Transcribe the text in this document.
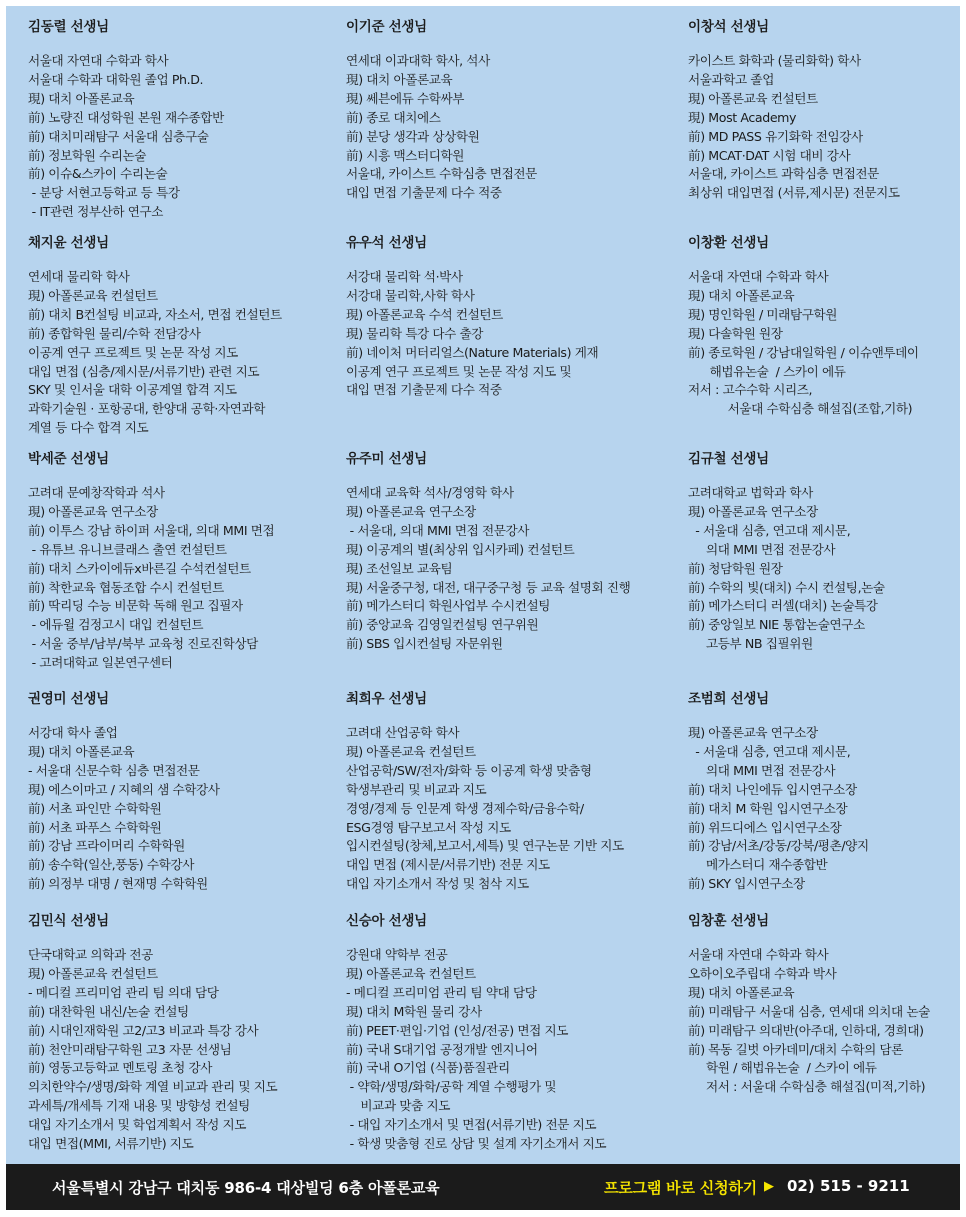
김동렬 선생님
서울대 자연대 수학과 학사
서울대 수학과 대학원 졸업 Ph.D.
現) 대치 아폴론교육
前) 노량진 대성학원 본원 재수종합반
前) 대치미래탐구 서울대 심층구술
前) 정보학원 수리논술
前) 이슈&스카이 수리논술
- 분당 서현고등학교 등 특강
- IT관련 정부산하 연구소
이기준 선생님
연세대 이과대학 학사, 석사
現) 대치 아폴론교육
現) 쎄븐에듀 수학싸부
前) 종로 대치에스
前) 분당 생각과 상상학원
前) 시흥 맥스터디학원
서울대, 카이스트 수학심층 면접전문
대입 면접 기출문제 다수 적중
이창석 선생님
카이스트 화학과 (물리화학) 학사
서울과학고 졸업
現) 아폴론교육 컨설턴트
現) Most Academy
前) MD PASS 유기화학 전임강사
前) MCAT·DAT 시험 대비 강사
서울대, 카이스트 과학심층 면접전문
최상위 대입면접 (서류,제시문) 전문지도
채지윤 선생님
연세대 물리학 학사
現) 아폴론교육 컨설턴트
前) 대치 B컨설팅 비교과, 자소서, 면접 컨설턴트
前) 종합학원 물리/수학 전담강사
이공계 연구 프로젝트 및 논문 작성 지도
대입 면접 (심층/제시문/서류기반) 관련 지도
SKY 및 인서울 대학 이공계열 합격 지도
과학기술원 · 포항공대, 한양대 공학·자연과학
계열 등 다수 합격 지도
유우석 선생님
서강대 물리학 석·박사
서강대 물리학,사학 학사
現) 아폴론교육 수석 컨설턴트
現) 물리학 특강 다수 출강
前) 네이처 머터리얼스(Nature Materials) 게재
이공계 연구 프로젝트 및 논문 작성 지도 및
대입 면접 기출문제 다수 적중
이창환 선생님
서울대 자연대 수학과 학사
現) 대치 아폴론교육
現) 명인학원 / 미래탐구학원
現) 다솔학원 원장
前) 종로학원 / 강남대일학원 / 이슈앤투데이
해법유논술  / 스카이 에듀
저서 : 고수수학 시리즈,
서울대 수학심층 해설집(조합,기하)
박세준 선생님
고려대 문예창작학과 석사
現) 아폴론교육 연구소장
前) 이투스 강남 하이퍼 서울대, 의대 MMI 면접
- 유튜브 유니브클래스 출연 컨설턴트
前) 대치 스카이에듀x바른길 수석컨설턴트
前) 착한교육 협동조합 수시 컨설턴트
前) 딱리딩 수능 비문학 독해 원고 집필자
- 에듀윌 검정고시 대입 컨설턴트
- 서울 중부/남부/북부 교육청 진로진학상담
- 고려대학교 일본연구센터
유주미 선생님
연세대 교육학 석사/경영학 학사
現) 아폴론교육 연구소장
- 서울대, 의대 MMI 면접 전문강사
現) 이공계의 별(최상위 입시카페) 컨설턴트
現) 조선일보 교육팀
現) 서울중구청, 대전, 대구중구청 등 교육 설명회 진행
前) 메가스터디 학원사업부 수시컨설팅
前) 중앙교육 김영일컨설팅 연구위원
前) SBS 입시컨설팅 자문위원
김규철 선생님
고려대학교 법학과 학사
現) 아폴론교육 연구소장
- 서울대 심층, 연고대 제시문,
의대 MMI 면접 전문강사
前) 청담학원 원장
前) 수학의 빛(대치) 수시 컨설팅,논술
前) 메가스터디 러셀(대치) 논술특강
前) 중앙일보 NIE 통합논술연구소
고등부 NB 집필위원
권영미 선생님
서강대 학사 졸업
現) 대치 아폴론교육
- 서울대 신문수학 심층 면접전문
現) 에스이마고 / 지혜의 샘 수학강사
前) 서초 파인만 수학학원
前) 서초 파푸스 수학학원
前) 강남 프라이머리 수학학원
前) 송수학(일산,풍동) 수학강사
前) 의정부 대명 / 현재명 수학학원
최희우 선생님
고려대 산업공학 학사
現) 아폴론교육 컨설턴트
산업공학/SW/전자/화학 등 이공계 학생 맞춤형
학생부관리 및 비교과 지도
경영/경제 등 인문계 학생 경제수학/금융수학/
ESG경영 탐구보고서 작성 지도
입시컨설팅(창체,보고서,세특) 및 연구논문 기반 지도
대입 면접 (제시문/서류기반) 전문 지도
대입 자기소개서 작성 및 첨삭 지도
조범희 선생님
現) 아폴론교육 연구소장
- 서울대 심층, 연고대 제시문,
의대 MMI 면접 전문강사
前) 대치 나인에듀 입시연구소장
前) 대치 M 학원 입시연구소장
前) 위드디에스 입시연구소장
前) 강남/서초/강동/강북/평촌/양지
메가스터디 재수종합반
前) SKY 입시연구소장
김민식 선생님
단국대학교 의학과 전공
現) 아폴론교육 컨설턴트
- 메디컬 프리미엄 관리 팀 의대 담당
前) 대찬학원 내신/논술 컨설팅
前) 시대인재학원 고2/고3 비교과 특강 강사
前) 천안미래탐구학원 고3 자문 선생님
前) 영동고등학교 멘토링 초청 강사
의치한약수/생명/화학 계열 비교과 관리 및 지도
과세특/개세특 기재 내용 및 방향성 컨설팅
대입 자기소개서 및 학업계획서 작성 지도
대입 면접(MMI, 서류기반) 지도
신승아 선생님
강원대 약학부 전공
現) 아폴론교육 컨설턴트
- 메디컬 프리미엄 관리 팀 약대 담당
現) 대치 M학원 물리 강사
前) PEET·편입·기업 (인성/전공) 면접 지도
前) 국내 S대기업 공정개발 엔지니어
前) 국내 O기업 (식품)품질관리
- 약학/생명/화학/공학 계열 수행평가 및
비교과 맞춤 지도
- 대입 자기소개서 및 면접(서류기반) 전문 지도
- 학생 맞춤형 진로 상담 및 설계 자기소개서 지도
임창훈 선생님
서울대 자연대 수학과 학사
오하이오주립대 수학과 박사
現) 대치 아폴론교육
前) 미래탐구 서울대 심층, 연세대 의치대 논술
前) 미래탐구 의대반(아주대, 인하대, 경희대)
前) 목동 길벗 아카데미/대치 수학의 담론
학원 / 해법유논술  / 스카이 에듀
저서 : 서울대 수학심층 해설집(미적,기하)
서울특별시 강남구 대치동 986-4 대상빌딩 6층 아폴론교육	프로그램 바로 신청하기 ▶ 02) 515 - 9211
